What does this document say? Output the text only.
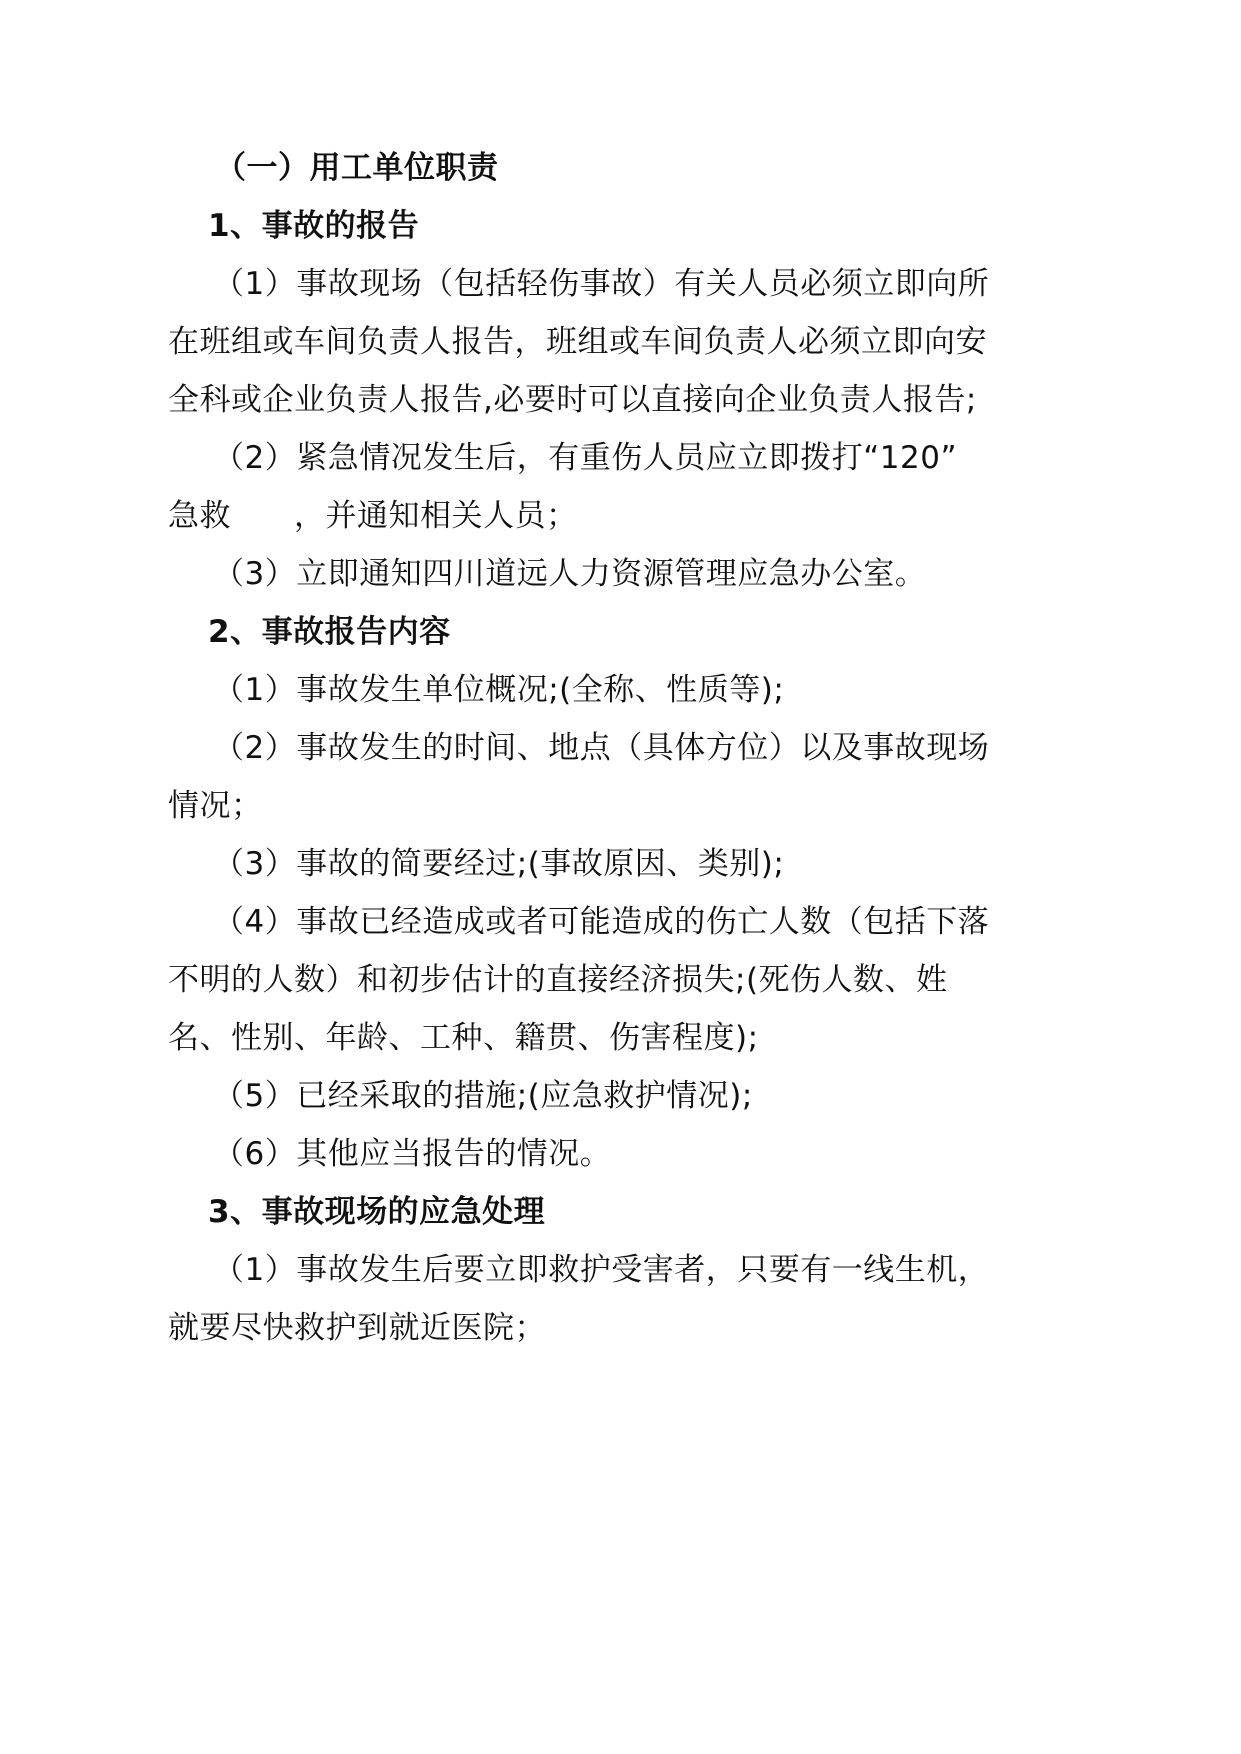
（一）用工单位职责
1、事故的报告
（1）事故现场（包括轻伤事故）有关人员必须立即向所
在班组或车间负责人报告，班组或车间负责人必须立即向安
全科或企业负责人报告,必要时可以直接向企业负责人报告;
（2）紧急情况发生后，有重伤人员应立即拨打“120”
急救　　，并通知相关人员；
（3）立即通知四川道远人力资源管理应急办公室。
2、事故报告内容
（1）事故发生单位概况;(全称、性质等);
（2）事故发生的时间、地点（具体方位）以及事故现场
情况；
（3）事故的简要经过;(事故原因、类别);
（4）事故已经造成或者可能造成的伤亡人数（包括下落
不明的人数）和初步估计的直接经济损失;(死伤人数、姓
名、性别、年龄、工种、籍贯、伤害程度);
（5）已经采取的措施;(应急救护情况);
（6）其他应当报告的情况。
3、事故现场的应急处理
（1）事故发生后要立即救护受害者，只要有一线生机，
就要尽快救护到就近医院；
